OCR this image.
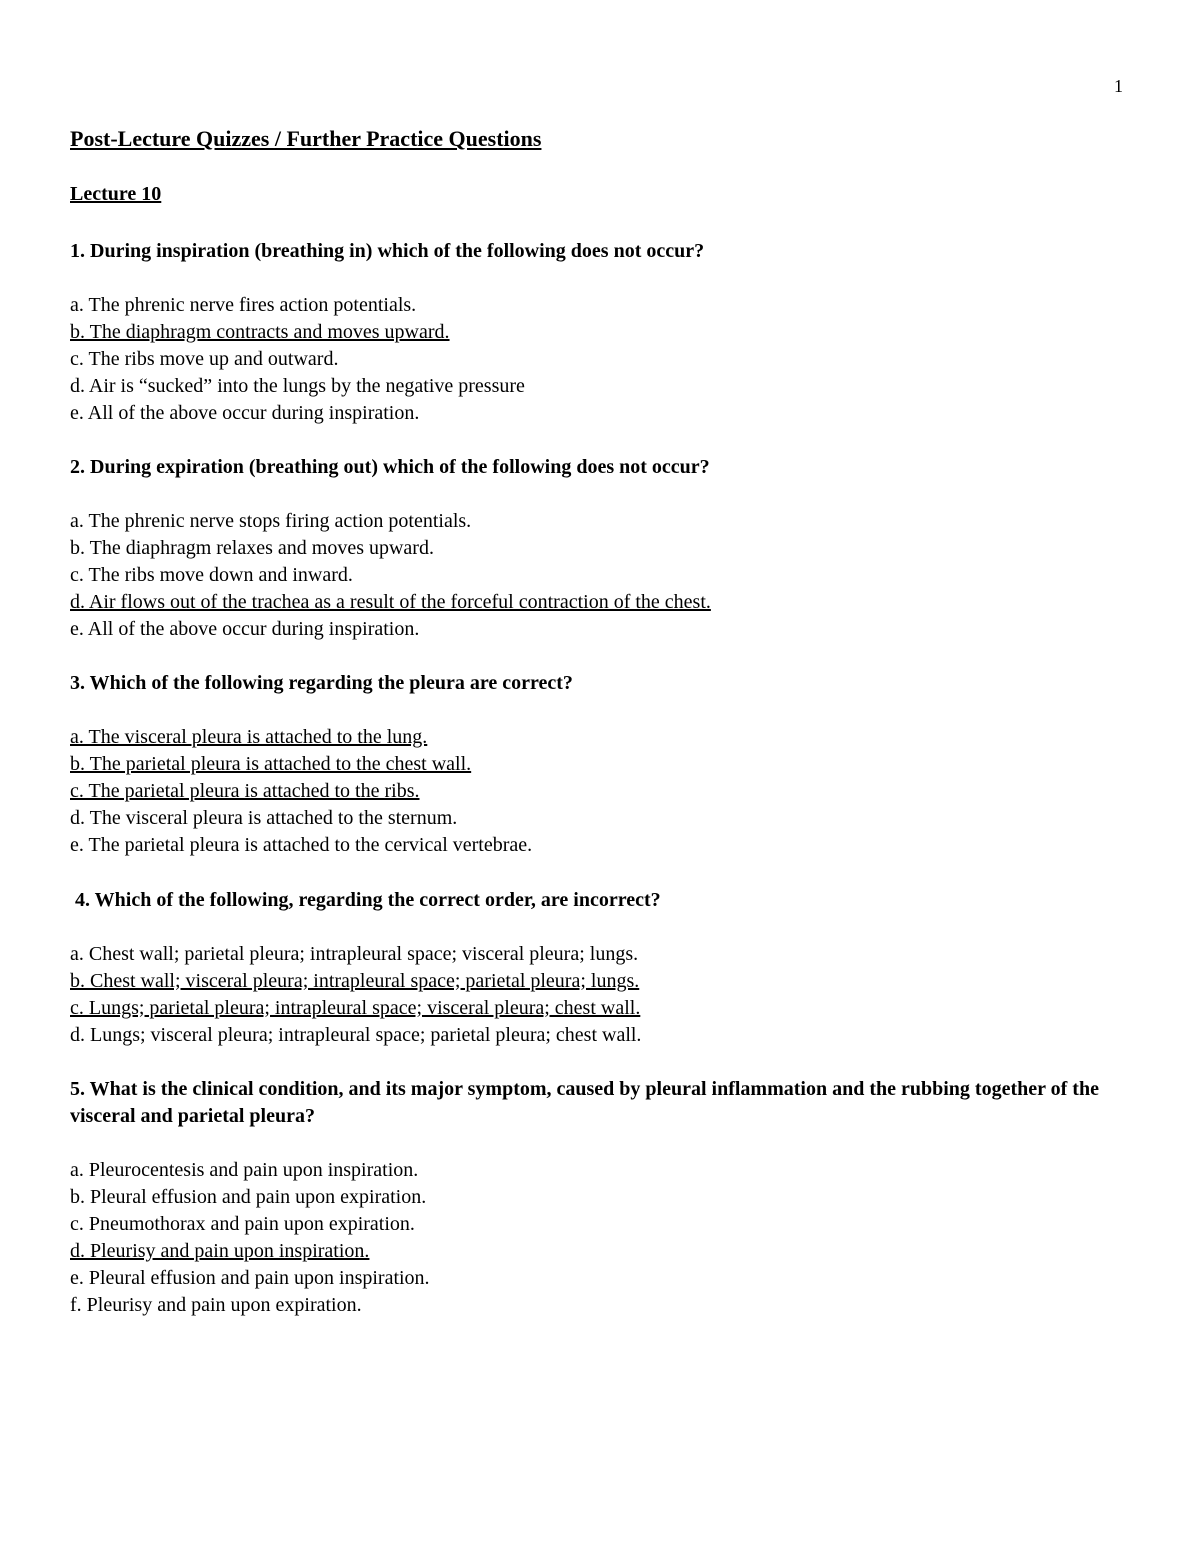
1
Post-Lecture Quizzes / Further Practice Questions
Lecture 10

1. During inspiration (breathing in) which of the following does not occur?

a. The phrenic nerve fires action potentials.
b. The diaphragm contracts and moves upward.
c. The ribs move up and outward.
d. Air is “sucked” into the lungs by the negative pressure
e. All of the above occur during inspiration.

2. During expiration (breathing out) which of the following does not occur?

a. The phrenic nerve stops firing action potentials.
b. The diaphragm relaxes and moves upward.
c. The ribs move down and inward.
d. Air flows out of the trachea as a result of the forceful contraction of the chest.
e. All of the above occur during inspiration.

3. Which of the following regarding the pleura are correct?

a. The visceral pleura is attached to the lung.
b. The parietal pleura is attached to the chest wall.
c. The parietal pleura is attached to the ribs.
d. The visceral pleura is attached to the sternum.
e. The parietal pleura is attached to the cervical vertebrae.

4. Which of the following, regarding the correct order, are incorrect?

a. Chest wall; parietal pleura; intrapleural space; visceral pleura; lungs.
b. Chest wall; visceral pleura; intrapleural space; parietal pleura; lungs.
c. Lungs; parietal pleura; intrapleural space; visceral pleura; chest wall.
d. Lungs; visceral pleura; intrapleural space; parietal pleura; chest wall.

5. What is the clinical condition, and its major symptom, caused by pleural inflammation and the rubbing together of the visceral and parietal pleura?

a. Pleurocentesis and pain upon inspiration.
b. Pleural effusion and pain upon expiration.
c. Pneumothorax and pain upon expiration.
d. Pleurisy and pain upon inspiration.
e. Pleural effusion and pain upon inspiration.
f. Pleurisy and pain upon expiration.
